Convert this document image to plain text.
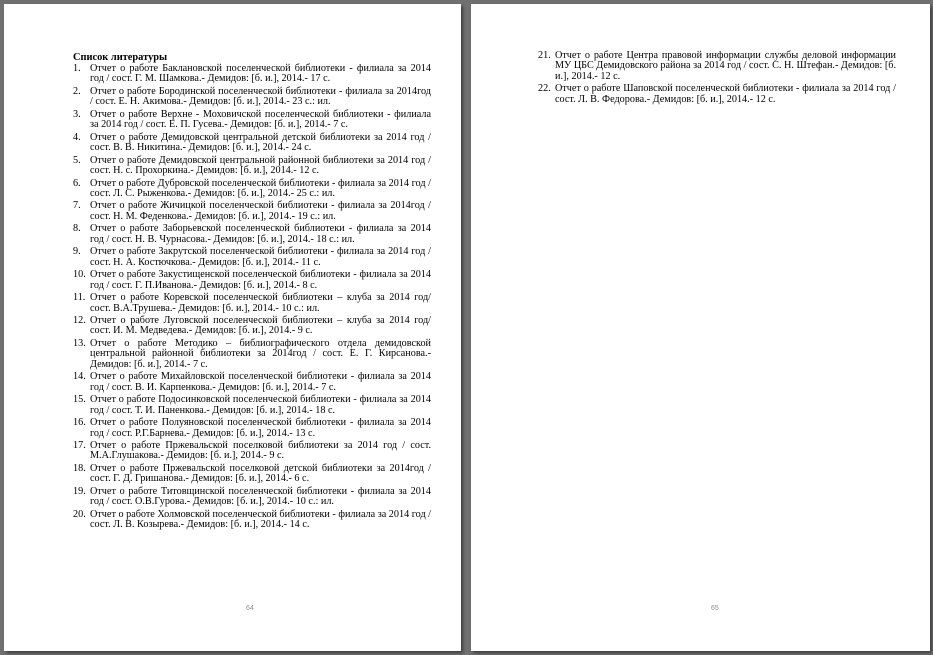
Список литературы
1. Отчет о работе Баклановской поселенческой библиотеки - филиала за 2014 год / сост. Г. М. Шамкова.- Демидов: [б. и.], 2014.- 17 с.
2. Отчет о работе Бородинской поселенческой библиотеки - филиала за 2014год / сост. Е. Н. Акимова.- Демидов: [б. и.], 2014.- 23 с.: ил.
3. Отчет о работе Верхне - Моховичской поселенческой библиотеки - филиала за 2014 год / сост. Е. П. Гусева.- Демидов: [б. и.], 2014.- 7 с.
4. Отчет о работе Демидовской центральной детской библиотеки за 2014 год / сост. В. В. Никитина.- Демидов: [б. и.], 2014.- 24 с.
5. Отчет о работе Демидовской центральной районной библиотеки за 2014 год / сост. Н. с. Прохоркина.- Демидов: [б. и.], 2014.- 12 с.
6. Отчет о работе Дубровской поселенческой библиотеки - филиала за 2014 год / сост. Л. С. Рыженкова.- Демидов: [б. и.], 2014.- 25 с.: ил.
7. Отчет о работе Жичицкой поселенческой библиотеки - филиала за 2014год / сост. Н. М. Феденкова.- Демидов: [б. и.], 2014.- 19 с.: ил.
8. Отчет о работе Заборьевской поселенческой библиотеки - филиала за 2014 год / сост. Н. В. Чурнасова.- Демидов: [б. и.], 2014.- 18 с.: ил.
9. Отчет о работе Закрутской поселенческой библиотеки - филиала за 2014 год / сост. Н. А. Костючкова.- Демидов: [б. и.], 2014.- 11 с.
10. Отчет о работе Закустищенской поселенческой библиотеки - филиала за 2014 год / сост. Г. П.Иванова.- Демидов: [б. и.], 2014.- 8 с.
11. Отчет о работе Коревской поселенческой библиотеки – клуба за 2014 год/ сост. В.А.Трушева.- Демидов: [б. и.], 2014.- 10 с.: ил.
12. Отчет о работе Луговской поселенческой библиотеки – клуба за 2014 год/ сост. И. М. Медведева.- Демидов: [б. и.], 2014.- 9 с.
13. Отчет о работе Методико – библиографического отдела демидовской центральной районной библиотеки за 2014год / сост. Е. Г. Кирсанова.- Демидов: [б. и.], 2014.- 7 с.
14. Отчет о работе Михайловской поселенческой библиотеки - филиала за 2014 год / сост. В. И. Карпенкова.- Демидов: [б. и.], 2014.- 7 с.
15. Отчет о работе Подосинковской поселенческой библиотеки - филиала за 2014 год / сост. Т. И. Паненкова.- Демидов: [б. и.], 2014.- 18 с.
16. Отчет о работе Полуяновской поселенческой библиотеки - филиала за 2014 год / сост. Р.Г.Барнева.- Демидов: [б. и.], 2014.- 13 с.
17. Отчет о работе Пржевальской поселковой библиотеки за 2014 год / сост. М.А.Глушакова.- Демидов: [б. и.], 2014.- 9 с.
18. Отчет о работе Пржевальской поселковой детской библиотеки за 2014год / сост. Г. Д. Гришанова.- Демидов: [б. и.], 2014.- 6 с.
19. Отчет о работе Титовщинской поселенческой библиотеки - филиала за 2014 год / сост. О.В.Гурова.- Демидов: [б. и.], 2014.- 10 с.: ил.
20. Отчет о работе Холмовской поселенческой библиотеки - филиала за 2014 год / сост. Л. В. Козырева.- Демидов: [б. и.], 2014.- 14 с.
64
21. Отчет о работе Центра правовой информации службы деловой информации МУ ЦБС Демидовского района за 2014 год / сост. С. Н. Штефан.- Демидов: [б. и.], 2014.- 12 с.
22. Отчет о работе Шаповской поселенческой библиотеки - филиала за 2014 год / сост. Л. В. Федорова.- Демидов: [б. и.], 2014.- 12 с.
65
